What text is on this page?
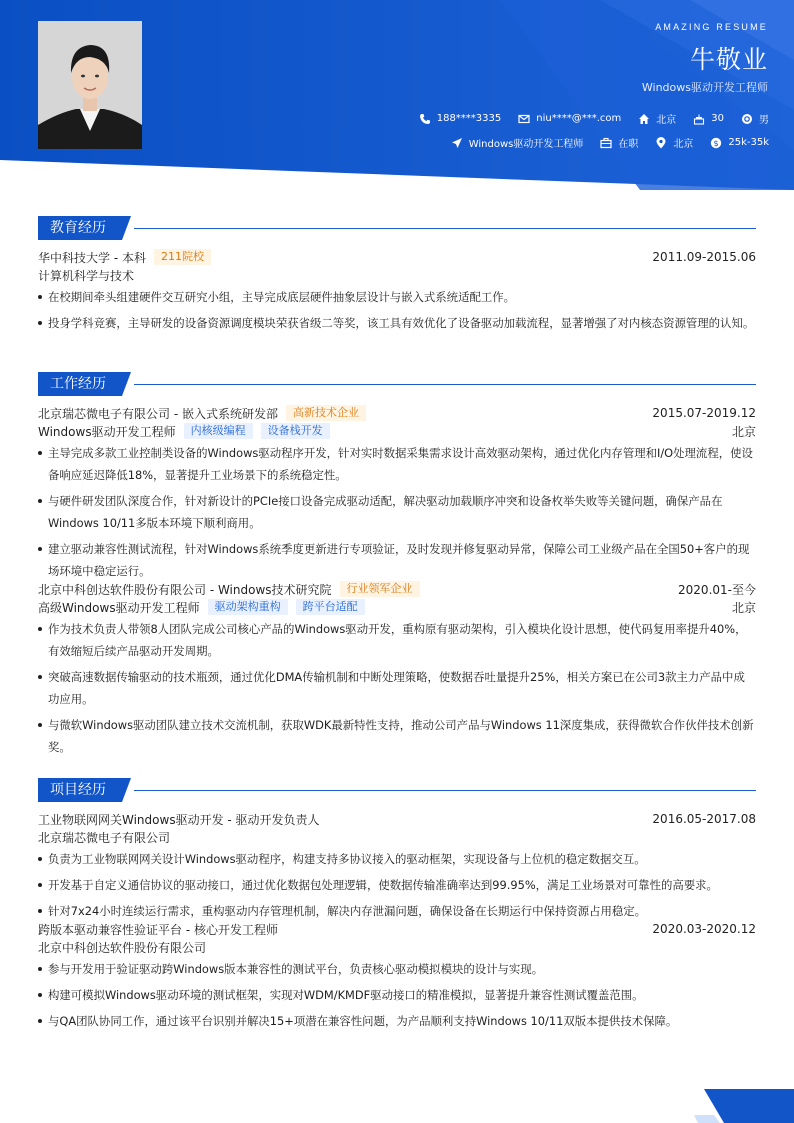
AMAZING RESUME
牛敬业
Windows驱动开发工程师
188****3335	niu****@***.com	北京	30	男
Windows驱动开发工程师	在职	北京	$ 25k-35k
教育经历
华中科技大学 - 本科	211院校	2011.09-2015.06
计算机科学与技术
在校期间牵头组建硬件交互研究小组，主导完成底层硬件抽象层设计与嵌入式系统适配工作。
投身学科竞赛，主导研发的设备资源调度模块荣获省级二等奖，该工具有效优化了设备驱动加载流程，显著增强了对内核态资源管理的认知。
工作经历
北京瑞芯微电子有限公司 - 嵌入式系统研发部	高新技术企业	2015.07-2019.12
Windows驱动开发工程师	内核级编程	设备栈开发	北京
主导完成多款工业控制类设备的Windows驱动程序开发，针对实时数据采集需求设计高效驱动架构，通过优化内存管理和I/O处理流程，使设备响应延迟降低18%，显著提升工业场景下的系统稳定性。
与硬件研发团队深度合作，针对新设计的PCIe接口设备完成驱动适配，解决驱动加载顺序冲突和设备枚举失败等关键问题，确保产品在Windows 10/11多版本环境下顺利商用。
建立驱动兼容性测试流程，针对Windows系统季度更新进行专项验证，及时发现并修复驱动异常，保障公司工业级产品在全国50+客户的现场环境中稳定运行。
北京中科创达软件股份有限公司 - Windows技术研究院	行业领军企业	2020.01-至今
高级Windows驱动开发工程师	驱动架构重构	跨平台适配	北京
作为技术负责人带领8人团队完成公司核心产品的Windows驱动开发，重构原有驱动架构，引入模块化设计思想，使代码复用率提升40%，有效缩短后续产品驱动开发周期。
突破高速数据传输驱动的技术瓶颈，通过优化DMA传输机制和中断处理策略，使数据吞吐量提升25%，相关方案已在公司3款主力产品中成功应用。
与微软Windows驱动团队建立技术交流机制，获取WDK最新特性支持，推动公司产品与Windows 11深度集成，获得微软合作伙伴技术创新奖。
项目经历
工业物联网网关Windows驱动开发 - 驱动开发负责人	2016.05-2017.08
北京瑞芯微电子有限公司
负责为工业物联网网关设计Windows驱动程序，构建支持多协议接入的驱动框架，实现设备与上位机的稳定数据交互。
开发基于自定义通信协议的驱动接口，通过优化数据包处理逻辑，使数据传输准确率达到99.95%，满足工业场景对可靠性的高要求。
针对7x24小时连续运行需求，重构驱动内存管理机制，解决内存泄漏问题，确保设备在长期运行中保持资源占用稳定。
跨版本驱动兼容性验证平台 - 核心开发工程师	2020.03-2020.12
北京中科创达软件股份有限公司
参与开发用于验证驱动跨Windows版本兼容性的测试平台，负责核心驱动模拟模块的设计与实现。
构建可模拟Windows驱动环境的测试框架，实现对WDM/KMDF驱动接口的精准模拟，显著提升兼容性测试覆盖范围。
与QA团队协同工作，通过该平台识别并解决15+项潜在兼容性问题，为产品顺利支持Windows 10/11双版本提供技术保障。
